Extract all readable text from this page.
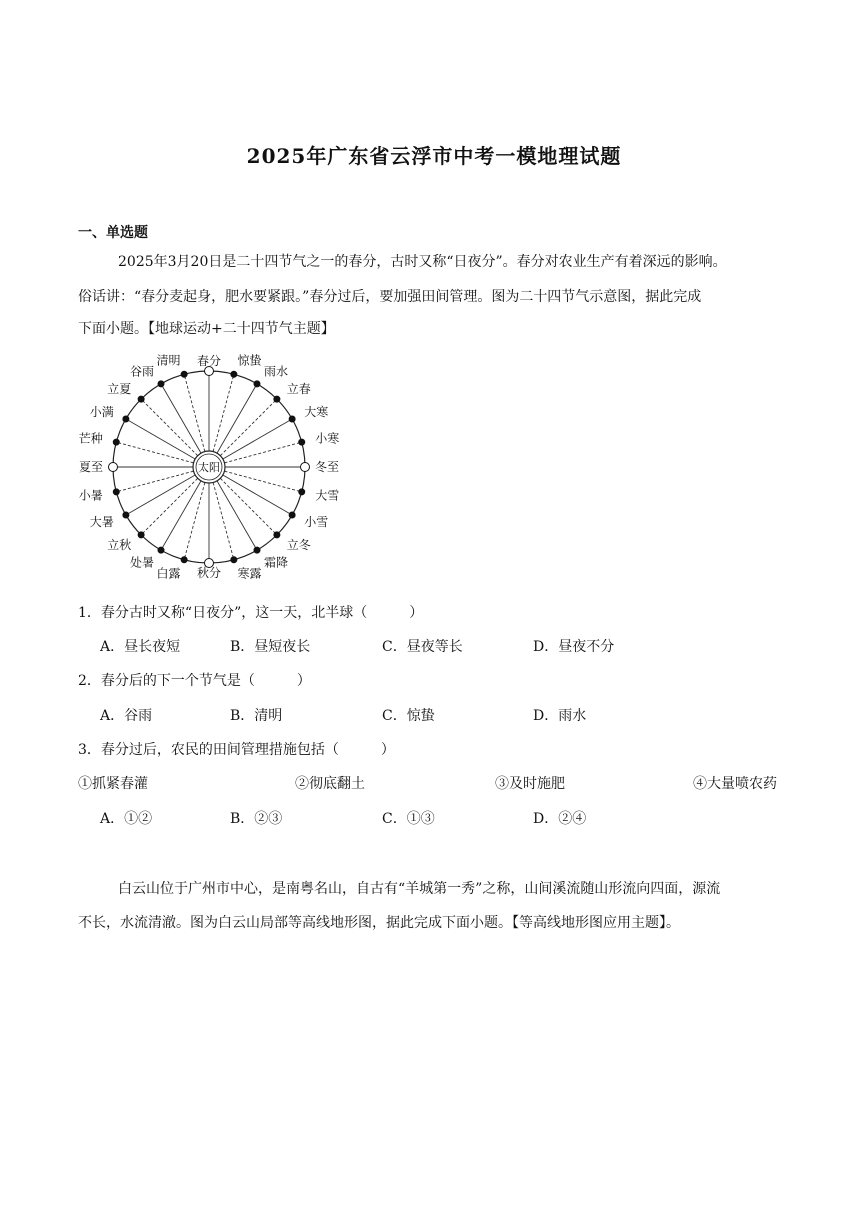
2025年广东省云浮市中考一模地理试题
一、单选题
2025年3月20日是二十四节气之一的春分，古时又称“日夜分”。春分对农业生产有着深远的影响。
俗话讲：“春分麦起身，肥水要紧跟。”春分过后，要加强田间管理。图为二十四节气示意图，据此完成
下面小题。【地球运动+二十四节气主题】
太阳	冬至
小寒
大寒
立春
雨水
惊蛰
春分
清明
谷雨
立夏
小满
芒种
夏至
小暑
大暑
立秋
处暑
白露 秋分 寒露
霜降
立冬
小雪
大雪
1．春分古时又称“日夜分”，这一天，北半球（　　　）
A．昼长夜短	B．昼短夜长	C．昼夜等长	D．昼夜不分
2．春分后的下一个节气是（　　　）
A．谷雨	B．清明	C．惊蛰	D．雨水
3．春分过后，农民的田间管理措施包括（　　　）
①抓紧春灌	②彻底翻土	③及时施肥	④大量喷农药
A．①②	B．②③	C．①③	D．②④
白云山位于广州市中心，是南粤名山，自古有“羊城第一秀”之称，山间溪流随山形流向四面，源流
不长，水流清澈。图为白云山局部等高线地形图，据此完成下面小题。【等高线地形图应用主题】。
